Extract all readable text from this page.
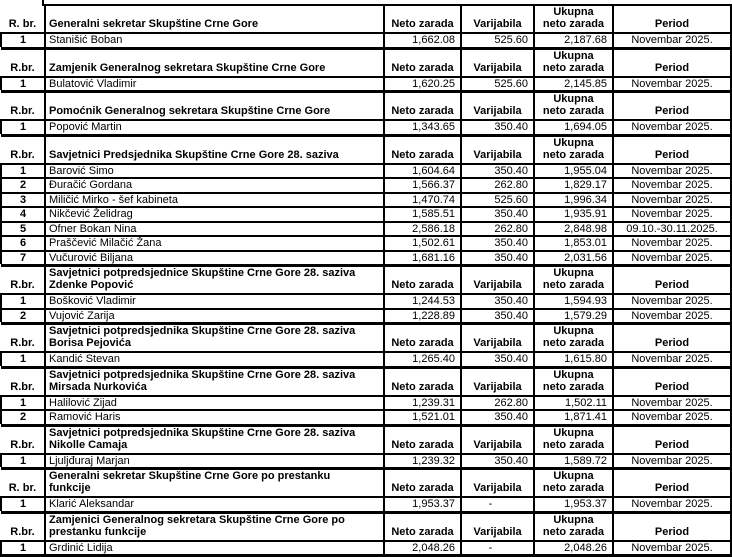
R. br.	Generalni sekretar Skupštine Crne Gore	Neto zarada	Varijabila	Ukupna
neto zarada	Period

1	Stanišić Boban	1,662.08	525.60	2,187.68	Novembar 2025.
R.br.	Zamjenik Generalnog sekretara Skupštine Crne Gore	Neto zarada	Varijabila	Ukupna
neto zarada	Period

1	Bulatović Vladimir	1,620.25	525.60	2,145.85	Novembar 2025.
R.br.	Pomoćnik Generalnog sekretara Skupštine Crne Gore	Neto zarada	Varijabila	Ukupna
neto zarada	Period

1	Popović Martin	1,343.65	350.40	1,694.05	Novembar 2025.
R.br.	Savjetnici Predsjednika Skupštine Crne Gore 28. saziva	Neto zarada	Varijabila	Ukupna
neto zarada	Period

1	Barović Simo	1,604.64	350.40	1,955.04	Novembar 2025.
2	Đuračić Gordana	1,566.37	262.80	1,829.17	Novembar 2025.
3	Miličić Mirko - šef kabineta	1,470.74	525.60	1,996.34	Novembar 2025.
4	Nikčević Želidrag	1,585.51	350.40	1,935.91	Novembar 2025.
5	Ofner Bokan Nina	2,586.18	262.80	2,848.98	09.10.-30.11.2025.
6	Praščević Milačić Žana	1,502.61	350.40	1,853.01	Novembar 2025.
7	Vučurović Biljana	1,681.16	350.40	2,031.56	Novembar 2025.
R.br.	Savjetnici potpredsjednice Skupštine Crne Gore 28. saziva
Zdenke Popović	Neto zarada	Varijabila	Ukupna
neto zarada	Period

1	Bošković Vladimir	1,244.53	350.40	1,594.93	Novembar 2025.
2	Vujović Zarija	1,228.89	350.40	1,579.29	Novembar 2025.
R.br.	Savjetnici potpredsjednika Skupštine Crne Gore 28. saziva
Borisa Pejovića	Neto zarada	Varijabila	Ukupna
neto zarada	Period

1	Kandić Stevan	1,265.40	350.40	1,615.80	Novembar 2025.
R.br.	Savjetnici potpredsjednika Skupštine Crne Gore 28. saziva
Mirsada Nurkovića	Neto zarada	Varijabila	Ukupna
neto zarada	Period

1	Halilović Zijad	1,239.31	262.80	1,502.11	Novembar 2025.
2	Ramović Haris	1,521.01	350.40	1,871.41	Novembar 2025.
R.br.	Savjetnici potpredsjednika Skupštine Crne Gore 28. saziva
Nikolle Camaja	Neto zarada	Varijabila	Ukupna
neto zarada	Period

1	Ljuljđuraj Marjan	1,239.32	350.40	1,589.72	Novembar 2025.
R. br.	Generalni sekretar Skupštine Crne Gore po prestanku
funkcije	Neto zarada	Varijabila	Ukupna
neto zarada	Period

1	Klarić Aleksandar	1,953.37	-	1,953.37	Novembar 2025.
R.br.	Zamjenici Generalnog sekretara Skupštine Crne Gore po
prestanku funkcije	Neto zarada	Varijabila	Ukupna
neto zarada	Period

1	Grdinić Lidija	2,048.26	-	2,048.26	Novembar 2025.
